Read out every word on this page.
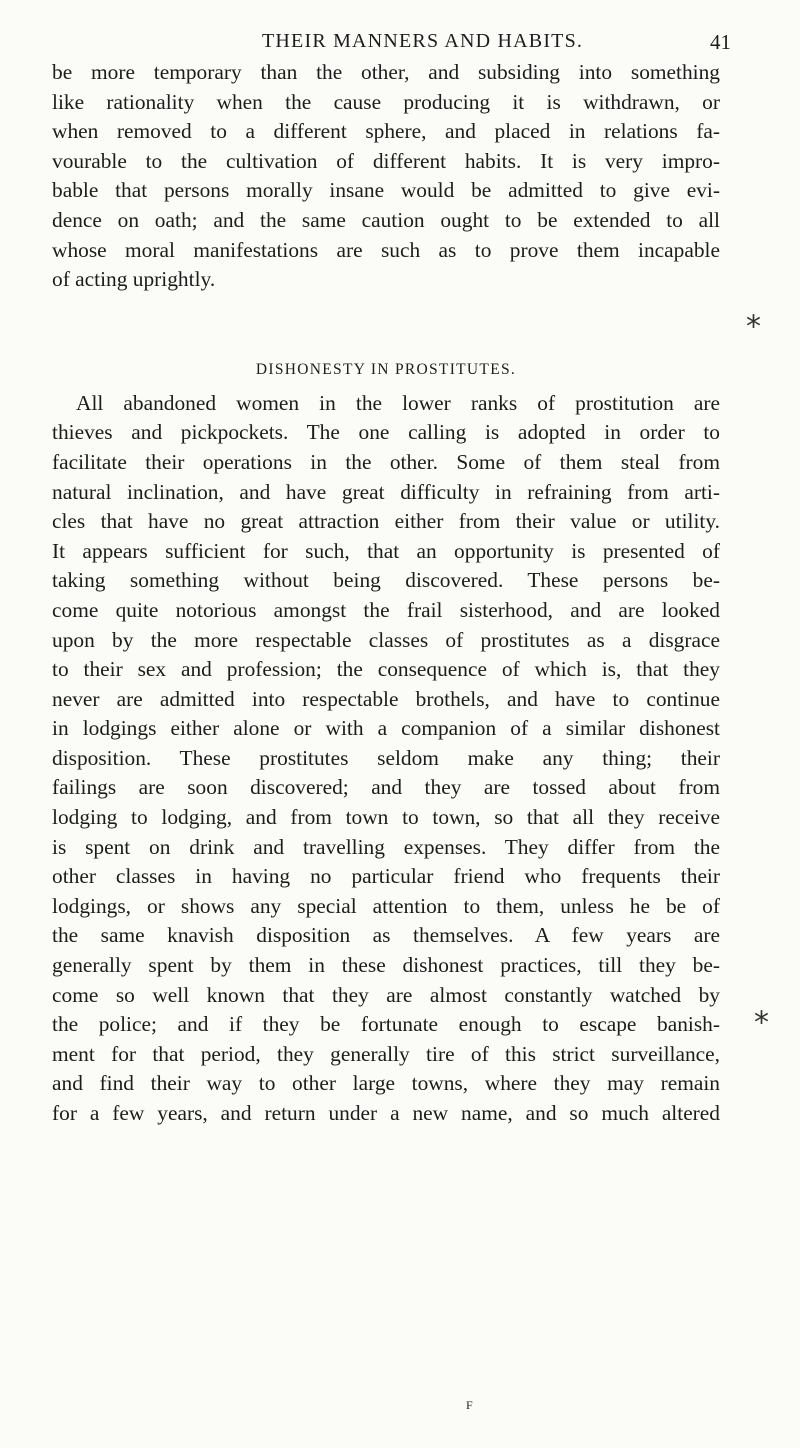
THEIR MANNERS AND HABITS.	41
be more temporary than the other, and subsiding into something
like rationality when the cause producing it is withdrawn, or
when removed to a different sphere, and placed in relations fa-
vourable to the cultivation of different habits. It is very impro-
bable that persons morally insane would be admitted to give evi-
dence on oath; and the same caution ought to be extended to all
whose moral manifestations are such as to prove them incapable
of acting uprightly.
DISHONESTY IN PROSTITUTES.
All abandoned women in the lower ranks of prostitution are
thieves and pickpockets. The one calling is adopted in order to
facilitate their operations in the other. Some of them steal from
natural inclination, and have great difficulty in refraining from arti-
cles that have no great attraction either from their value or utility.
It appears sufficient for such, that an opportunity is presented of
taking something without being discovered. These persons be-
come quite notorious amongst the frail sisterhood, and are looked
upon by the more respectable classes of prostitutes as a disgrace
to their sex and profession; the consequence of which is, that they
never are admitted into respectable brothels, and have to continue
in lodgings either alone or with a companion of a similar dishonest
disposition. These prostitutes seldom make any thing; their
failings are soon discovered; and they are tossed about from
lodging to lodging, and from town to town, so that all they receive
is spent on drink and travelling expenses. They differ from the
other classes in having no particular friend who frequents their
lodgings, or shows any special attention to them, unless he be of
the same knavish disposition as themselves. A few years are
generally spent by them in these dishonest practices, till they be-
come so well known that they are almost constantly watched by
the police; and if they be fortunate enough to escape banish-
ment for that period, they generally tire of this strict surveillance,
and find their way to other large towns, where they may remain
for a few years, and return under a new name, and so much altered
⁎
⁎
F
